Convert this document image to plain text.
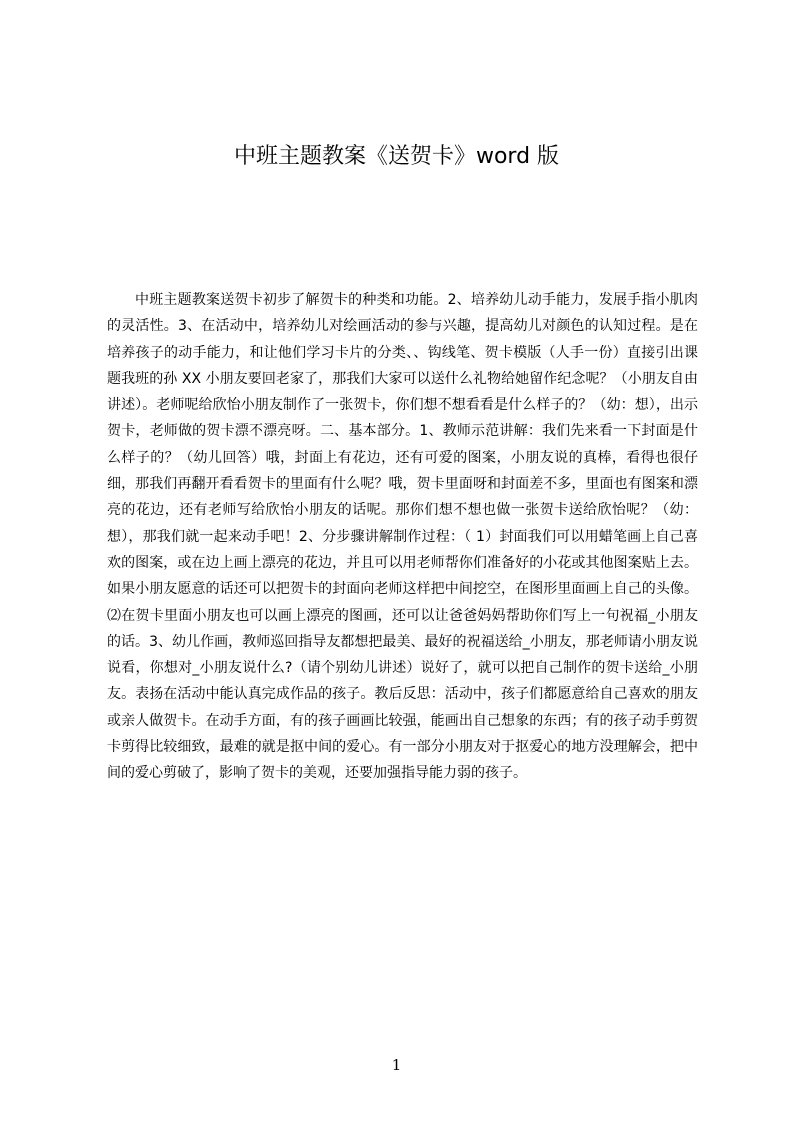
中班主题教案《送贺卡》word 版

中班主题教案送贺卡初步了解贺卡的种类和功能。2、培养幼儿动手能力，发展手指小肌肉的灵活性。3、在活动中，培养幼儿对绘画活动的参与兴趣，提高幼儿对颜色的认知过程。是在培养孩子的动手能力，和让他们学习卡片的分类、、钩线笔、贺卡模版（人手一份）直接引出课题我班的孙 XX 小朋友要回老家了，那我们大家可以送什么礼物给她留作纪念呢？（小朋友自由讲述）。老师呢给欣怡小朋友制作了一张贺卡，你们想不想看看是什么样子的？（幼：想），出示贺卡，老师做的贺卡漂不漂亮呀。二、基本部分。1、教师示范讲解：我们先来看一下封面是什么样子的？（幼儿回答）哦，封面上有花边，还有可爱的图案，小朋友说的真棒，看得也很仔细，那我们再翻开看看贺卡的里面有什么呢？哦，贺卡里面呀和封面差不多，里面也有图案和漂亮的花边，还有老师写给欣怡小朋友的话呢。那你们想不想也做一张贺卡送给欣怡呢？（幼：想），那我们就一起来动手吧！2、分步骤讲解制作过程：（ 1）封面我们可以用蜡笔画上自己喜欢的图案，或在边上画上漂亮的花边，并且可以用老师帮你们准备好的小花或其他图案贴上去。如果小朋友愿意的话还可以把贺卡的封面向老师这样把中间挖空，在图形里面画上自己的头像。⑵在贺卡里面小朋友也可以画上漂亮的图画，还可以让爸爸妈妈帮助你们写上一句祝福_小朋友的话。3、幼儿作画，教师巡回指导友都想把最美、最好的祝福送给_小朋友，那老师请小朋友说说看，你想对_小朋友说什么?（请个别幼儿讲述）说好了，就可以把自己制作的贺卡送给_小朋友。表扬在活动中能认真完成作品的孩子。教后反思：活动中，孩子们都愿意给自己喜欢的朋友或亲人做贺卡。在动手方面，有的孩子画画比较强，能画出自己想象的东西；有的孩子动手剪贺卡剪得比较细致，最难的就是抠中间的爱心。有一部分小朋友对于抠爱心的地方没理解会，把中间的爱心剪破了，影响了贺卡的美观，还要加强指导能力弱的孩子。

1
